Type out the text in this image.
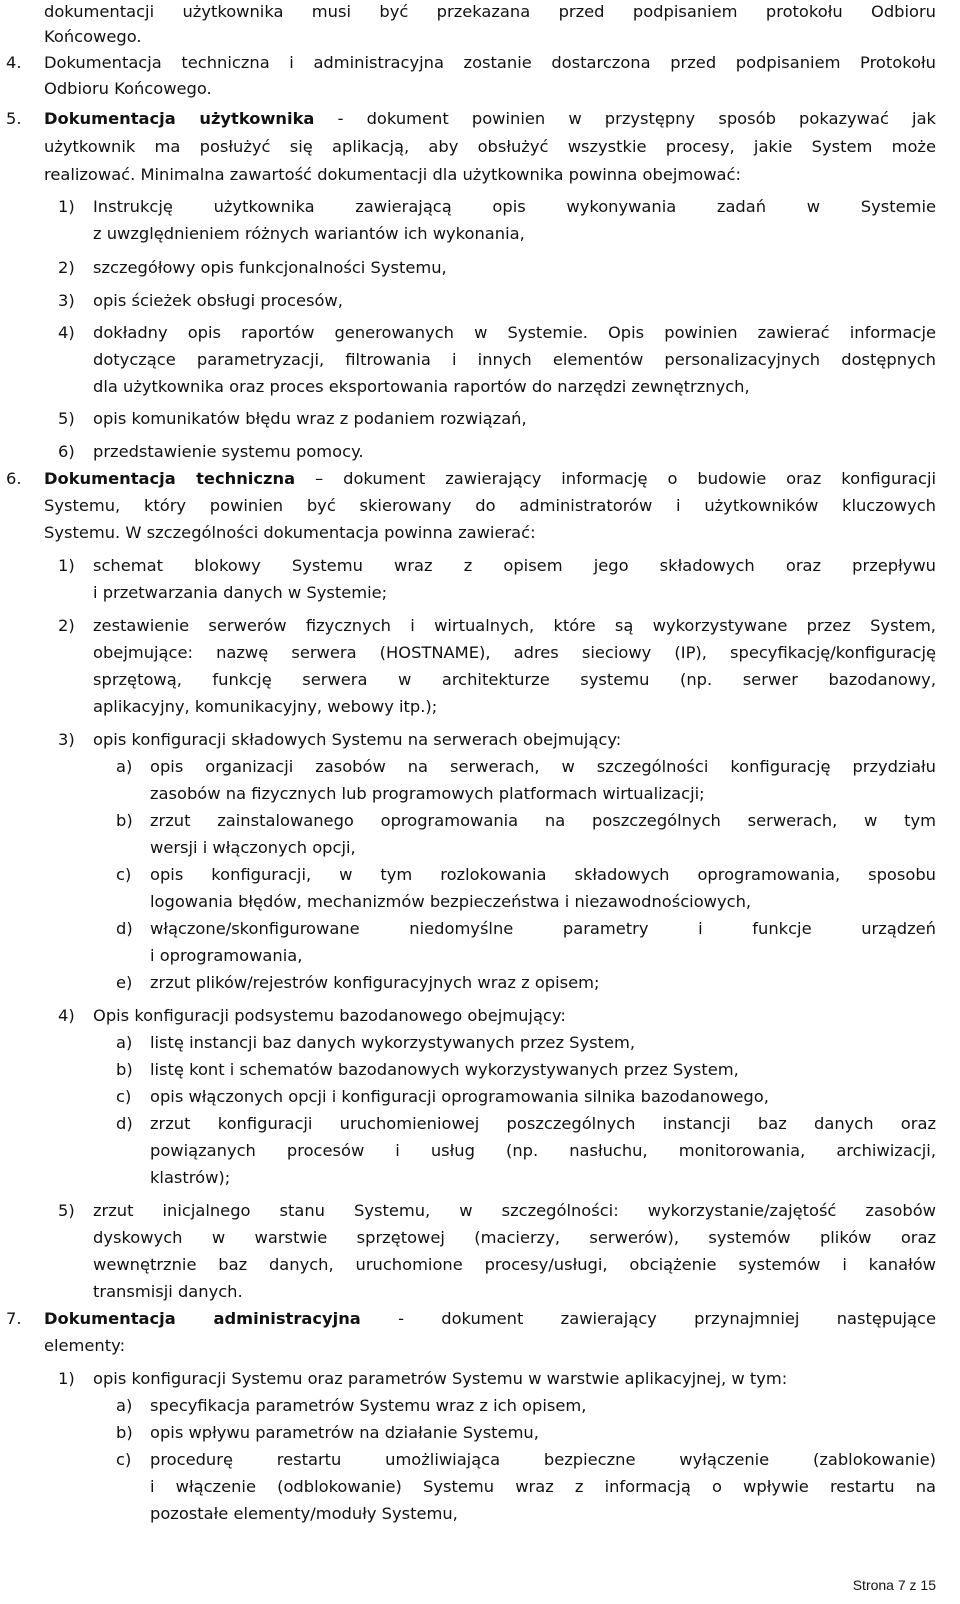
dokumentacji użytkownika musi być przekazana przed podpisaniem protokołu Odbioru
Końcowego.
4. Dokumentacja techniczna i administracyjna zostanie dostarczona przed podpisaniem Protokołu
Odbioru Końcowego.
5. Dokumentacja użytkownika - dokument powinien w przystępny sposób pokazywać jak
użytkownik ma posłużyć się aplikacją, aby obsłużyć wszystkie procesy, jakie System może
realizować. Minimalna zawartość dokumentacji dla użytkownika powinna obejmować:
1) Instrukcję użytkownika zawierającą opis wykonywania zadań w Systemie
z uwzględnieniem różnych wariantów ich wykonania,
2) szczegółowy opis funkcjonalności Systemu,
3) opis ścieżek obsługi procesów,
4) dokładny opis raportów generowanych w Systemie. Opis powinien zawierać informacje
dotyczące parametryzacji, filtrowania i innych elementów personalizacyjnych dostępnych
dla użytkownika oraz proces eksportowania raportów do narzędzi zewnętrznych,
5) opis komunikatów błędu wraz z podaniem rozwiązań,
6) przedstawienie systemu pomocy.
6. Dokumentacja techniczna – dokument zawierający informację o budowie oraz konfiguracji
Systemu, który powinien być skierowany do administratorów i użytkowników kluczowych
Systemu. W szczególności dokumentacja powinna zawierać:
1) schemat blokowy Systemu wraz z opisem jego składowych oraz przepływu
i przetwarzania danych w Systemie;
2) zestawienie serwerów fizycznych i wirtualnych, które są wykorzystywane przez System,
obejmujące: nazwę serwera (HOSTNAME), adres sieciowy (IP), specyfikację/konfigurację
sprzętową, funkcję serwera w architekturze systemu (np. serwer bazodanowy,
aplikacyjny, komunikacyjny, webowy itp.);
3) opis konfiguracji składowych Systemu na serwerach obejmujący:
a) opis organizacji zasobów na serwerach, w szczególności konfigurację przydziału
zasobów na fizycznych lub programowych platformach wirtualizacji;
b) zrzut zainstalowanego oprogramowania na poszczególnych serwerach, w tym
wersji i włączonych opcji,
c) opis konfiguracji, w tym rozlokowania składowych oprogramowania, sposobu
logowania błędów, mechanizmów bezpieczeństwa i niezawodnościowych,
d) włączone/skonfigurowane niedomyślne parametry i funkcje urządzeń
i oprogramowania,
e) zrzut plików/rejestrów konfiguracyjnych wraz z opisem;
4) Opis konfiguracji podsystemu bazodanowego obejmujący:
a) listę instancji baz danych wykorzystywanych przez System,
b) listę kont i schematów bazodanowych wykorzystywanych przez System,
c) opis włączonych opcji i konfiguracji oprogramowania silnika bazodanowego,
d) zrzut konfiguracji uruchomieniowej poszczególnych instancji baz danych oraz
powiązanych procesów i usług (np. nasłuchu, monitorowania, archiwizacji,
klastrów);
5) zrzut inicjalnego stanu Systemu, w szczególności: wykorzystanie/zajętość zasobów
dyskowych w warstwie sprzętowej (macierzy, serwerów), systemów plików oraz
wewnętrznie baz danych, uruchomione procesy/usługi, obciążenie systemów i kanałów
transmisji danych.
7. Dokumentacja administracyjna - dokument zawierający przynajmniej następujące
elementy:
1) opis konfiguracji Systemu oraz parametrów Systemu w warstwie aplikacyjnej, w tym:
a) specyfikacja parametrów Systemu wraz z ich opisem,
b) opis wpływu parametrów na działanie Systemu,
c) procedurę restartu umożliwiająca bezpieczne wyłączenie (zablokowanie)
i włączenie (odblokowanie) Systemu wraz z informacją o wpływie restartu na
pozostałe elementy/moduły Systemu,
Strona 7 z 15
